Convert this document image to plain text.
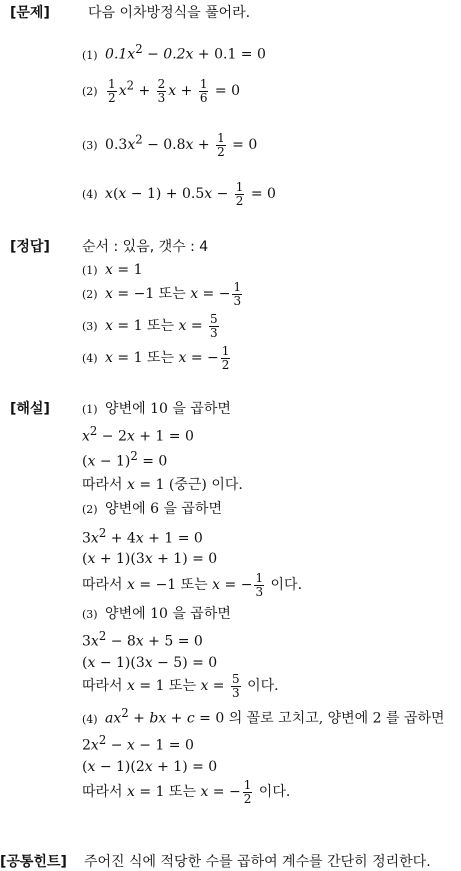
[문제]	다음 이차방정식을 풀어라.
(1) $0.1x^2 - 0.2x + 0.1 = 0$
$(2) \frac{1}{2} x^2 + \frac{2}{3}$ $x + \frac{1}{6} = 0$
(3) $0.3x^2 - 0.8x + \frac{1}{2} = 0$
(4) $x(x - 1) + 0.5x - \frac{1}{2} = 0$
[정답] 순서 : 있음, 갯수 : 4
(1) x = 1
(2) x = −1 또는 x = − $\frac{1}{3}$
(3) x = 1 또는 $x = \frac{5}{3}$
(4) x = 1 또는 x = − $\frac{1}{2}$
[해설]	(1) 양변에 10 을 곱하면
$x^2 - 2x + 1 = 0$
$(x - 1)^2 = 0$
따라서 x = 1 (중근) 이다.
(2) 양변에 6 을 곱하면
$3x^2 + 4x + 1 = 0$
(x + 1)(3x + 1) = 0
따라서 x = −1 또는 x = − $\frac{1}{3}$ 이다.
(3) 양변에 10 을 곱하면
$3x^2 - 8x + 5 = 0$
(x − 1)(3x − 5) = 0
따라서 x = 1 또는 $x = \frac{5}{3}$ 이다.
(4) $ax^2$ + bx + c = 0 의 꼴로 고치고, 양변에 2 를 곱하면
$2x^2 - x - 1 = 0$
(x − 1)(2x + 1) = 0
따라서 x = 1 또는 x = − $\frac{1}{2}$ 이다.
[공통힌트] 주어진 식에 적당한 수를 곱하여 계수를 간단히 정리한다.
